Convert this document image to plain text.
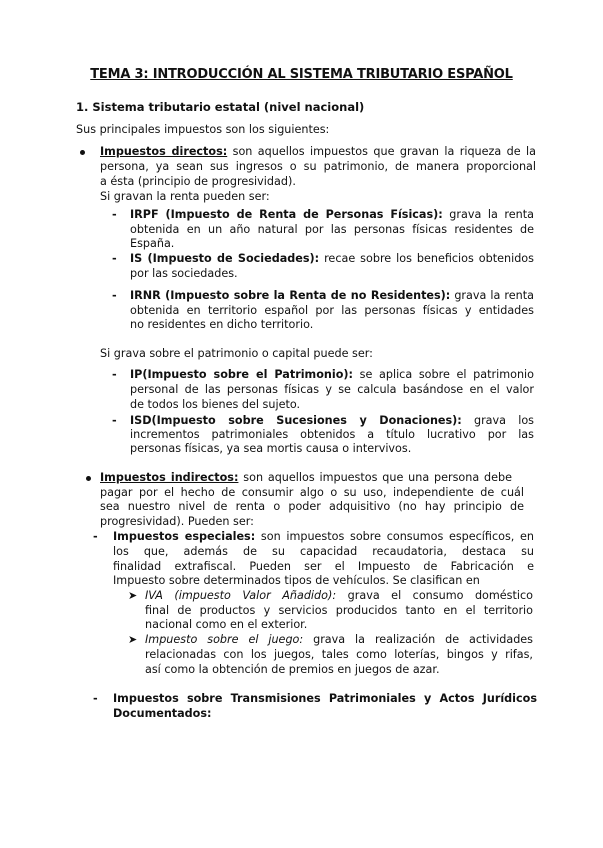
TEMA 3: INTRODUCCIÓN AL SISTEMA TRIBUTARIO ESPAÑOL
1. Sistema tributario estatal (nivel nacional)
Sus principales impuestos son los siguientes:
Impuestos directos: son aquellos impuestos que gravan la riqueza de la
persona, ya sean sus ingresos o su patrimonio, de manera proporcional
a ésta (principio de progresividad).
Si gravan la renta pueden ser:
- IRPF (Impuesto de Renta de Personas Físicas): grava la renta
obtenida en un año natural por las personas físicas residentes de
España.
- IS (Impuesto de Sociedades): recae sobre los beneficios obtenidos
por las sociedades.
- IRNR (Impuesto sobre la Renta de no Residentes): grava la renta
obtenida en territorio español por las personas físicas y entidades
no residentes en dicho territorio.
Si grava sobre el patrimonio o capital puede ser:
- IP(Impuesto sobre el Patrimonio): se aplica sobre el patrimonio
personal de las personas físicas y se calcula basándose en el valor
de todos los bienes del sujeto.
- ISD(Impuesto sobre Sucesiones y Donaciones): grava los
incrementos patrimoniales obtenidos a título lucrativo por las
personas físicas, ya sea mortis causa o intervivos.
Impuestos indirectos: son aquellos impuestos que una persona debe
pagar por el hecho de consumir algo o su uso, independiente de cuál
sea nuestro nivel de renta o poder adquisitivo (no hay principio de
progresividad). Pueden ser:
- Impuestos especiales: son impuestos sobre consumos específicos, en
los que, además de su capacidad recaudatoria, destaca su
finalidad extrafiscal. Pueden ser el Impuesto de Fabricación e
Impuesto sobre determinados tipos de vehículos. Se clasifican en
➤ IVA (impuesto Valor Añadido): grava el consumo doméstico
final de productos y servicios producidos tanto en el territorio
nacional como en el exterior.
➤ Impuesto sobre el juego: grava la realización de actividades
relacionadas con los juegos, tales como loterías, bingos y rifas,
así como la obtención de premios en juegos de azar.
- Impuestos sobre Transmisiones Patrimoniales y Actos Jurídicos
Documentados:
